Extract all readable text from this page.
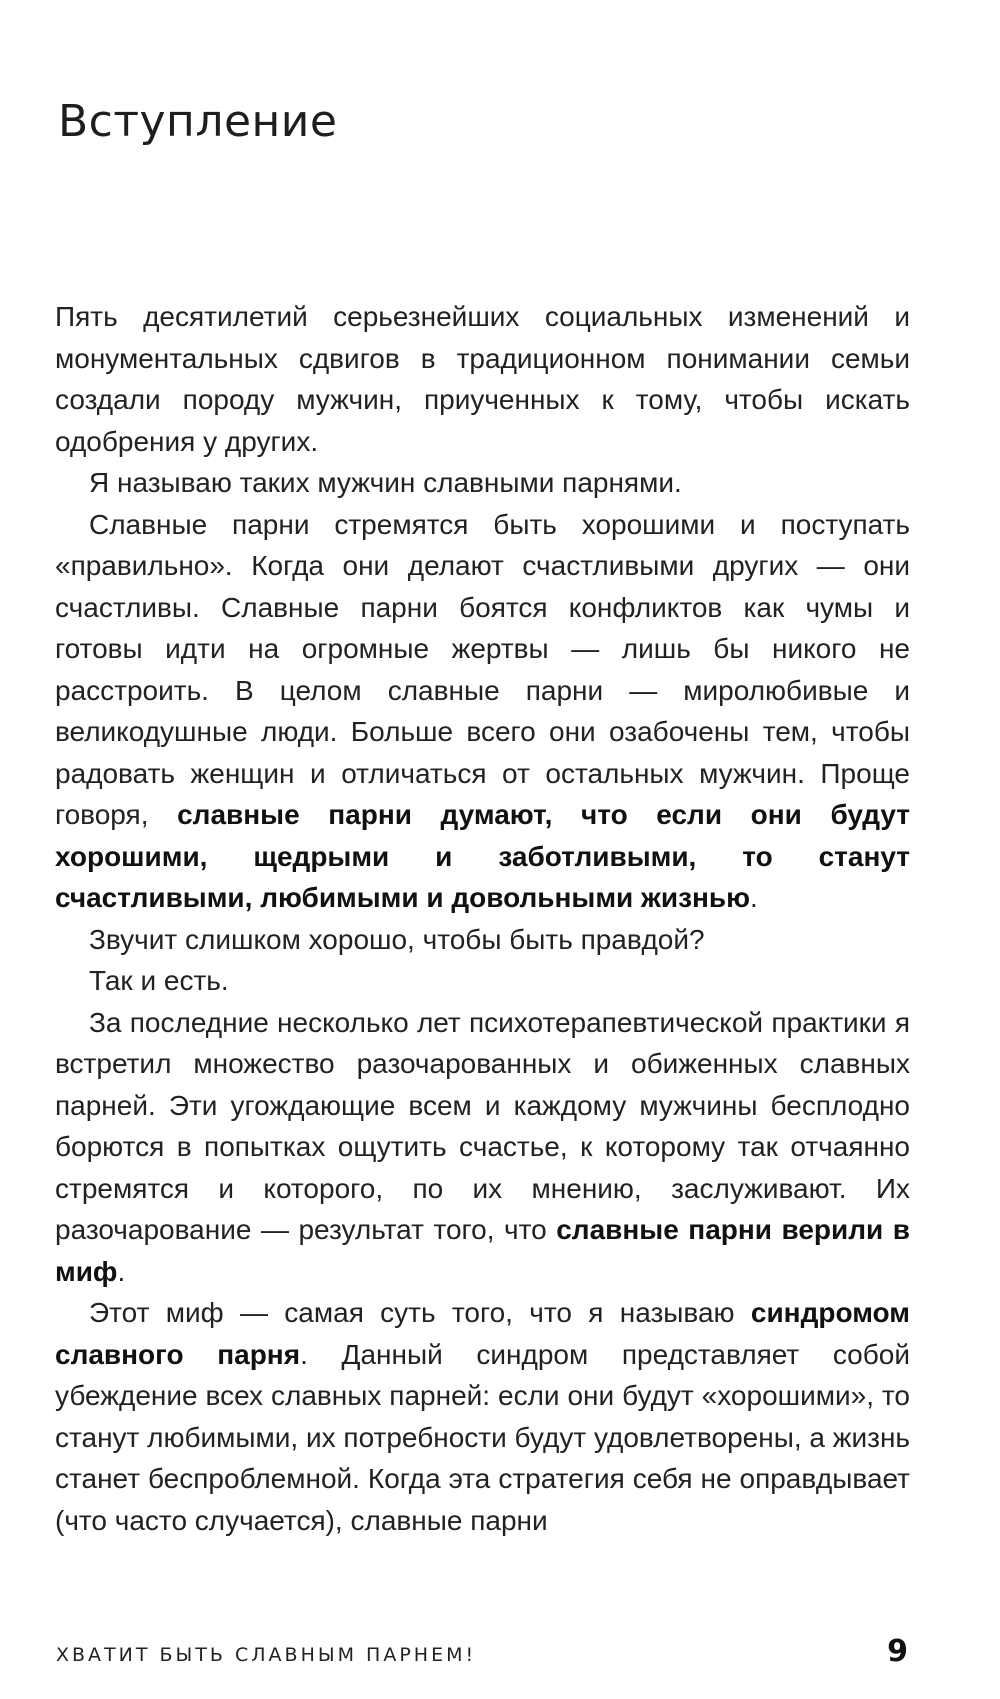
Вступление

Пять десятилетий серьезнейших социальных изменений и монументальных сдвигов в традиционном понимании семьи создали породу мужчин, приученных к тому, чтобы искать одобрения у других.

Я называю таких мужчин славными парнями.

Славные парни стремятся быть хорошими и поступать «правильно». Когда они делают счастливыми других — они счастливы. Славные парни боятся конфликтов как чумы и готовы идти на огромные жертвы — лишь бы никого не расстроить. В целом славные парни — миролюбивые и великодушные люди. Больше всего они озабочены тем, чтобы радовать женщин и отличаться от остальных мужчин. Проще говоря, славные парни думают, что если они будут хорошими, щедрыми и заботливыми, то станут счастливыми, любимыми и довольными жизнью.

Звучит слишком хорошо, чтобы быть правдой?

Так и есть.

За последние несколько лет психотерапевтической практики я встретил множество разочарованных и обиженных славных парней. Эти угождающие всем и каждому мужчины бесплодно борются в попытках ощутить счастье, к которому так отчаянно стремятся и которого, по их мнению, заслуживают. Их разочарование — результат того, что славные парни верили в миф.

Этот миф — самая суть того, что я называю синдромом славного парня. Данный синдром представляет собой убеждение всех славных парней: если они будут «хорошими», то станут любимыми, их потребности будут удовлетворены, а жизнь станет беспроблемной. Когда эта стратегия себя не оправдывает (что часто случается), славные парни

ХВАТИТ БЫТЬ СЛАВНЫМ ПАРНЕМ!	9
